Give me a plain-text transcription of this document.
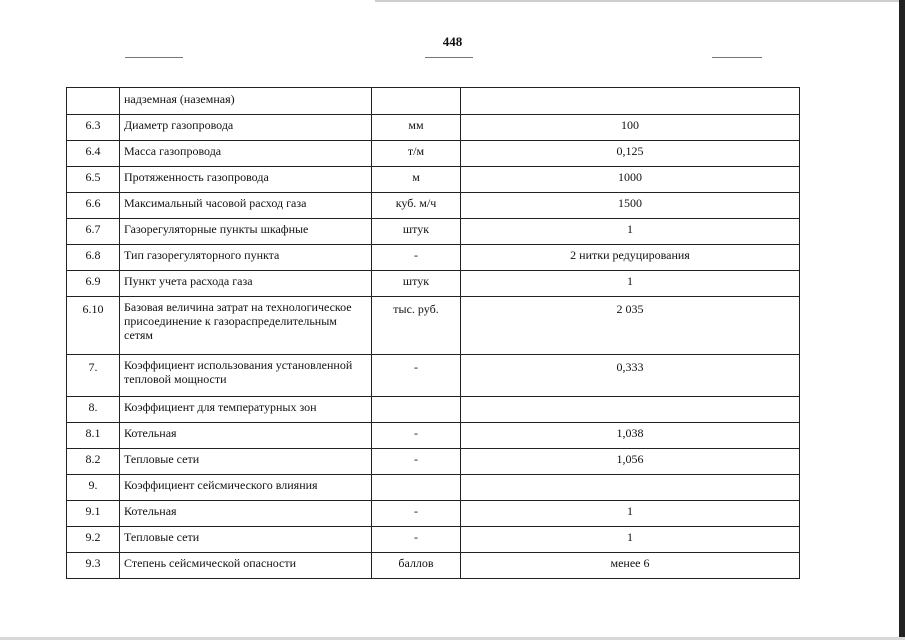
448
	надземная (наземная)		
6.3	Диаметр газопровода	мм	100
6.4	Масса газопровода	т/м	0,125
6.5	Протяженность газопровода	м	1000
6.6	Максимальный часовой расход газа	куб. м/ч	1500
6.7	Газорегуляторные пункты шкафные	штук	1
6.8	Тип газорегуляторного пункта	-	2 нитки редуцирования
6.9	Пункт учета расхода газа	штук	1
6.10	Базовая величина затрат на технологическое присоединение к газораспределительным сетям	тыс. руб.	2 035
7.	Коэффициент использования установленной тепловой мощности	-	0,333
8.	Коэффициент для температурных зон		
8.1	Котельная	-	1,038
8.2	Тепловые сети	-	1,056
9.	Коэффициент сейсмического влияния		
9.1	Котельная	-	1
9.2	Тепловые сети	-	1
9.3	Степень сейсмической опасности	баллов	менее 6
